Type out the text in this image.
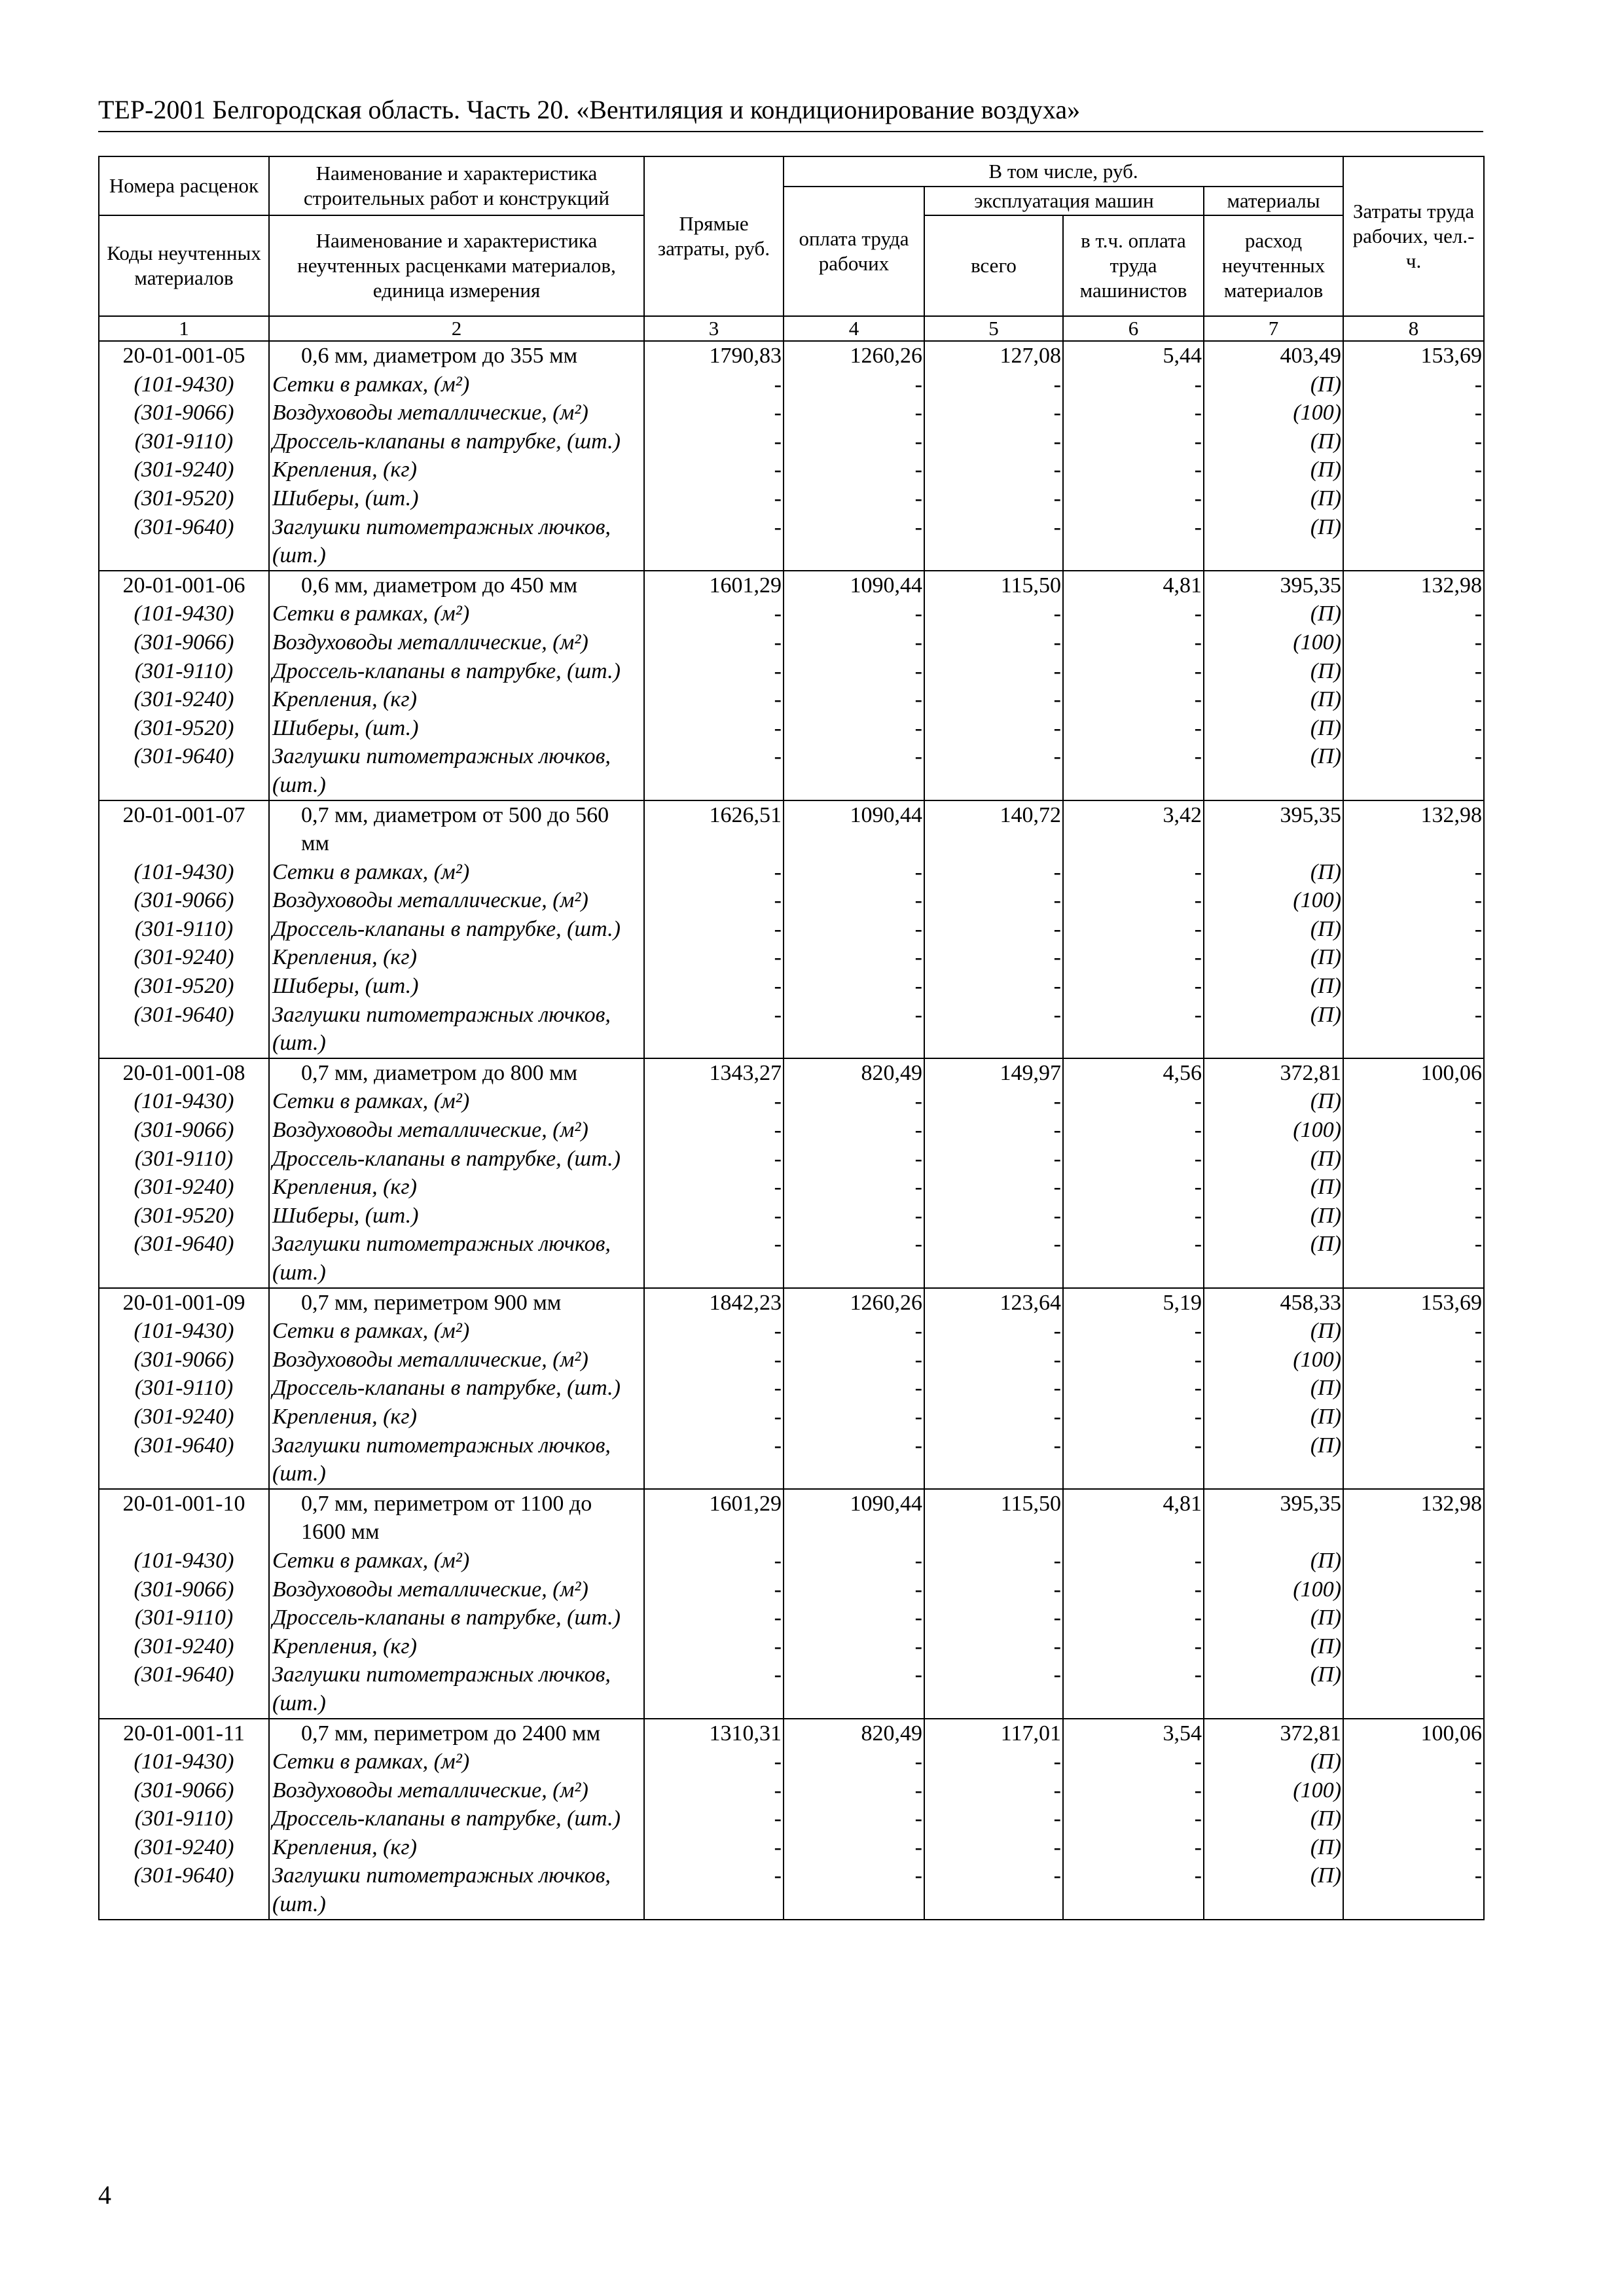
ТЕР-2001 Белгородская область. Часть 20. «Вентиляция и кондиционирование воздуха»
Номера расценок	Наименование и характеристика строительных работ и конструкций	Прямые затраты, руб.	В том числе, руб.				Затраты труда рабочих, чел.-ч.
			оплата труда рабочих	эксплуатация машин		материалы	
Коды неучтенных материалов	Наименование и характеристика неучтенных расценками материалов, единица измерения			всего	в т.ч. оплата труда машинистов	расход неучтенных материалов	
1	2	3	4	5	6	7	8
20-01-001-05	0,6 мм, диаметром до 355 мм	1790,83	1260,26	127,08	5,44	403,49	153,69
(101-9430)	Сетки в рамках, (м²)	-	-	-	-	(П)	-
(301-9066)	Воздуховоды металлические, (м²)	-	-	-	-	(100)	-
(301-9110)	Дроссель-клапаны в патрубке, (шт.)	-	-	-	-	(П)	-
(301-9240)	Крепления, (кг)	-	-	-	-	(П)	-
(301-9520)	Шиберы, (шт.)	-	-	-	-	(П)	-
(301-9640)	Заглушки питометражных лючков, (шт.)	-	-	-	-	(П)	-
20-01-001-06	0,6 мм, диаметром до 450 мм	1601,29	1090,44	115,50	4,81	395,35	132,98
(101-9430)	Сетки в рамках, (м²)	-	-	-	-	(П)	-
(301-9066)	Воздуховоды металлические, (м²)	-	-	-	-	(100)	-
(301-9110)	Дроссель-клапаны в патрубке, (шт.)	-	-	-	-	(П)	-
(301-9240)	Крепления, (кг)	-	-	-	-	(П)	-
(301-9520)	Шиберы, (шт.)	-	-	-	-	(П)	-
(301-9640)	Заглушки питометражных лючков, (шт.)	-	-	-	-	(П)	-
20-01-001-07	0,7 мм, диаметром от 500 до 560 мм	1626,51	1090,44	140,72	3,42	395,35	132,98
(101-9430)	Сетки в рамках, (м²)	-	-	-	-	(П)	-
(301-9066)	Воздуховоды металлические, (м²)	-	-	-	-	(100)	-
(301-9110)	Дроссель-клапаны в патрубке, (шт.)	-	-	-	-	(П)	-
(301-9240)	Крепления, (кг)	-	-	-	-	(П)	-
(301-9520)	Шиберы, (шт.)	-	-	-	-	(П)	-
(301-9640)	Заглушки питометражных лючков, (шт.)	-	-	-	-	(П)	-
20-01-001-08	0,7 мм, диаметром до 800 мм	1343,27	820,49	149,97	4,56	372,81	100,06
(101-9430)	Сетки в рамках, (м²)	-	-	-	-	(П)	-
(301-9066)	Воздуховоды металлические, (м²)	-	-	-	-	(100)	-
(301-9110)	Дроссель-клапаны в патрубке, (шт.)	-	-	-	-	(П)	-
(301-9240)	Крепления, (кг)	-	-	-	-	(П)	-
(301-9520)	Шиберы, (шт.)	-	-	-	-	(П)	-
(301-9640)	Заглушки питометражных лючков, (шт.)	-	-	-	-	(П)	-
20-01-001-09	0,7 мм, периметром 900 мм	1842,23	1260,26	123,64	5,19	458,33	153,69
(101-9430)	Сетки в рамках, (м²)	-	-	-	-	(П)	-
(301-9066)	Воздуховоды металлические, (м²)	-	-	-	-	(100)	-
(301-9110)	Дроссель-клапаны в патрубке, (шт.)	-	-	-	-	(П)	-
(301-9240)	Крепления, (кг)	-	-	-	-	(П)	-
(301-9640)	Заглушки питометражных лючков, (шт.)	-	-	-	-	(П)	-
20-01-001-10	0,7 мм, периметром от 1100 до 1600 мм	1601,29	1090,44	115,50	4,81	395,35	132,98
(101-9430)	Сетки в рамках, (м²)	-	-	-	-	(П)	-
(301-9066)	Воздуховоды металлические, (м²)	-	-	-	-	(100)	-
(301-9110)	Дроссель-клапаны в патрубке, (шт.)	-	-	-	-	(П)	-
(301-9240)	Крепления, (кг)	-	-	-	-	(П)	-
(301-9640)	Заглушки питометражных лючков, (шт.)	-	-	-	-	(П)	-
20-01-001-11	0,7 мм, периметром до 2400 мм	1310,31	820,49	117,01	3,54	372,81	100,06
(101-9430)	Сетки в рамках, (м²)	-	-	-	-	(П)	-
(301-9066)	Воздуховоды металлические, (м²)	-	-	-	-	(100)	-
(301-9110)	Дроссель-клапаны в патрубке, (шт.)	-	-	-	-	(П)	-
(301-9240)	Крепления, (кг)	-	-	-	-	(П)	-
(301-9640)	Заглушки питометражных лючков, (шт.)	-	-	-	-	(П)	-
4
